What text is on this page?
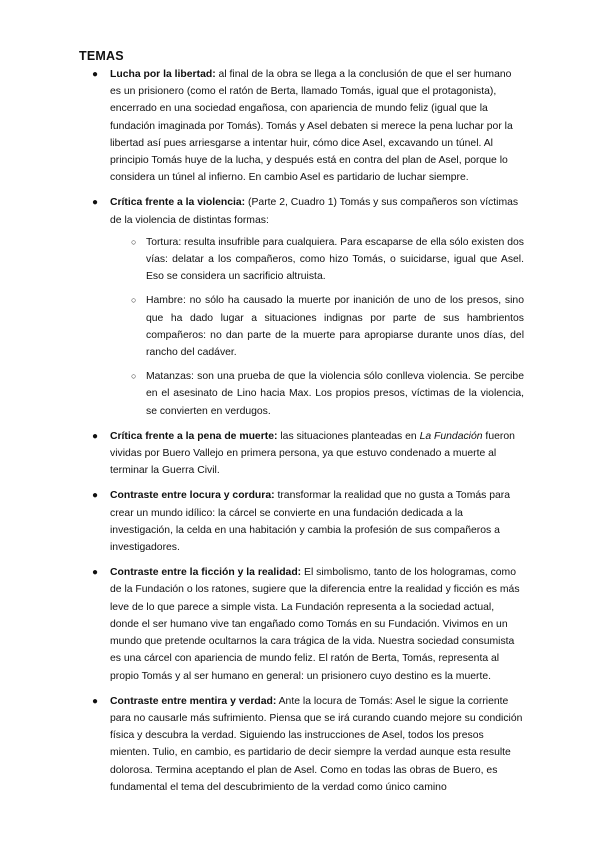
TEMAS
● Lucha por la libertad: al final de la obra se llega a la conclusión de que el ser humano es un prisionero (como el ratón de Berta, llamado Tomás, igual que el protagonista), encerrado en una sociedad engañosa, con apariencia de mundo feliz (igual que la fundación imaginada por Tomás). Tomás y Asel debaten si merece la pena luchar por la libertad así pues arriesgarse a intentar huir, cómo dice Asel, excavando un túnel. Al principio Tomás huye de la lucha, y después está en contra del plan de Asel, porque lo considera un túnel al infierno. En cambio Asel es partidario de luchar siempre.
● Crítica frente a la violencia: (Parte 2, Cuadro 1) Tomás y sus compañeros son víctimas de la violencia de distintas formas:
○ Tortura: resulta insufrible para cualquiera. Para escaparse de ella sólo existen dos vías: delatar a los compañeros, como hizo Tomás, o suicidarse, igual que Asel. Eso se considera un sacrificio altruista.
○ Hambre: no sólo ha causado la muerte por inanición de uno de los presos, sino que ha dado lugar a situaciones indignas por parte de sus hambrientos compañeros: no dan parte de la muerte para apropiarse durante unos días, del rancho del cadáver.
○ Matanzas: son una prueba de que la violencia sólo conlleva violencia. Se percibe en el asesinato de Lino hacia Max. Los propios presos, víctimas de la violencia, se convierten en verdugos.
● Crítica frente a la pena de muerte: las situaciones planteadas en La Fundación fueron vividas por Buero Vallejo en primera persona, ya que estuvo condenado a muerte al terminar la Guerra Civil.
● Contraste entre locura y cordura: transformar la realidad que no gusta a Tomás para crear un mundo idílico: la cárcel se convierte en una fundación dedicada a la investigación, la celda en una habitación y cambia la profesión de sus compañeros a investigadores.
● Contraste entre la ficción y la realidad: El simbolismo, tanto de los hologramas, como de la Fundación o los ratones, sugiere que la diferencia entre la realidad y ficción es más leve de lo que parece a simple vista. La Fundación representa a la sociedad actual, donde el ser humano vive tan engañado como Tomás en su Fundación. Vivimos en un mundo que pretende ocultarnos la cara trágica de la vida. Nuestra sociedad consumista es una cárcel con apariencia de mundo feliz. El ratón de Berta, Tomás, representa al propio Tomás y al ser humano en general: un prisionero cuyo destino es la muerte.
● Contraste entre mentira y verdad: Ante la locura de Tomás: Asel le sigue la corriente para no causarle más sufrimiento. Piensa que se irá curando cuando mejore su condición física y descubra la verdad. Siguiendo las instrucciones de Asel, todos los presos mienten. Tulio, en cambio, es partidario de decir siempre la verdad aunque esta resulte dolorosa. Termina aceptando el plan de Asel. Como en todas las obras de Buero, es fundamental el tema del descubrimiento de la verdad como único camino
